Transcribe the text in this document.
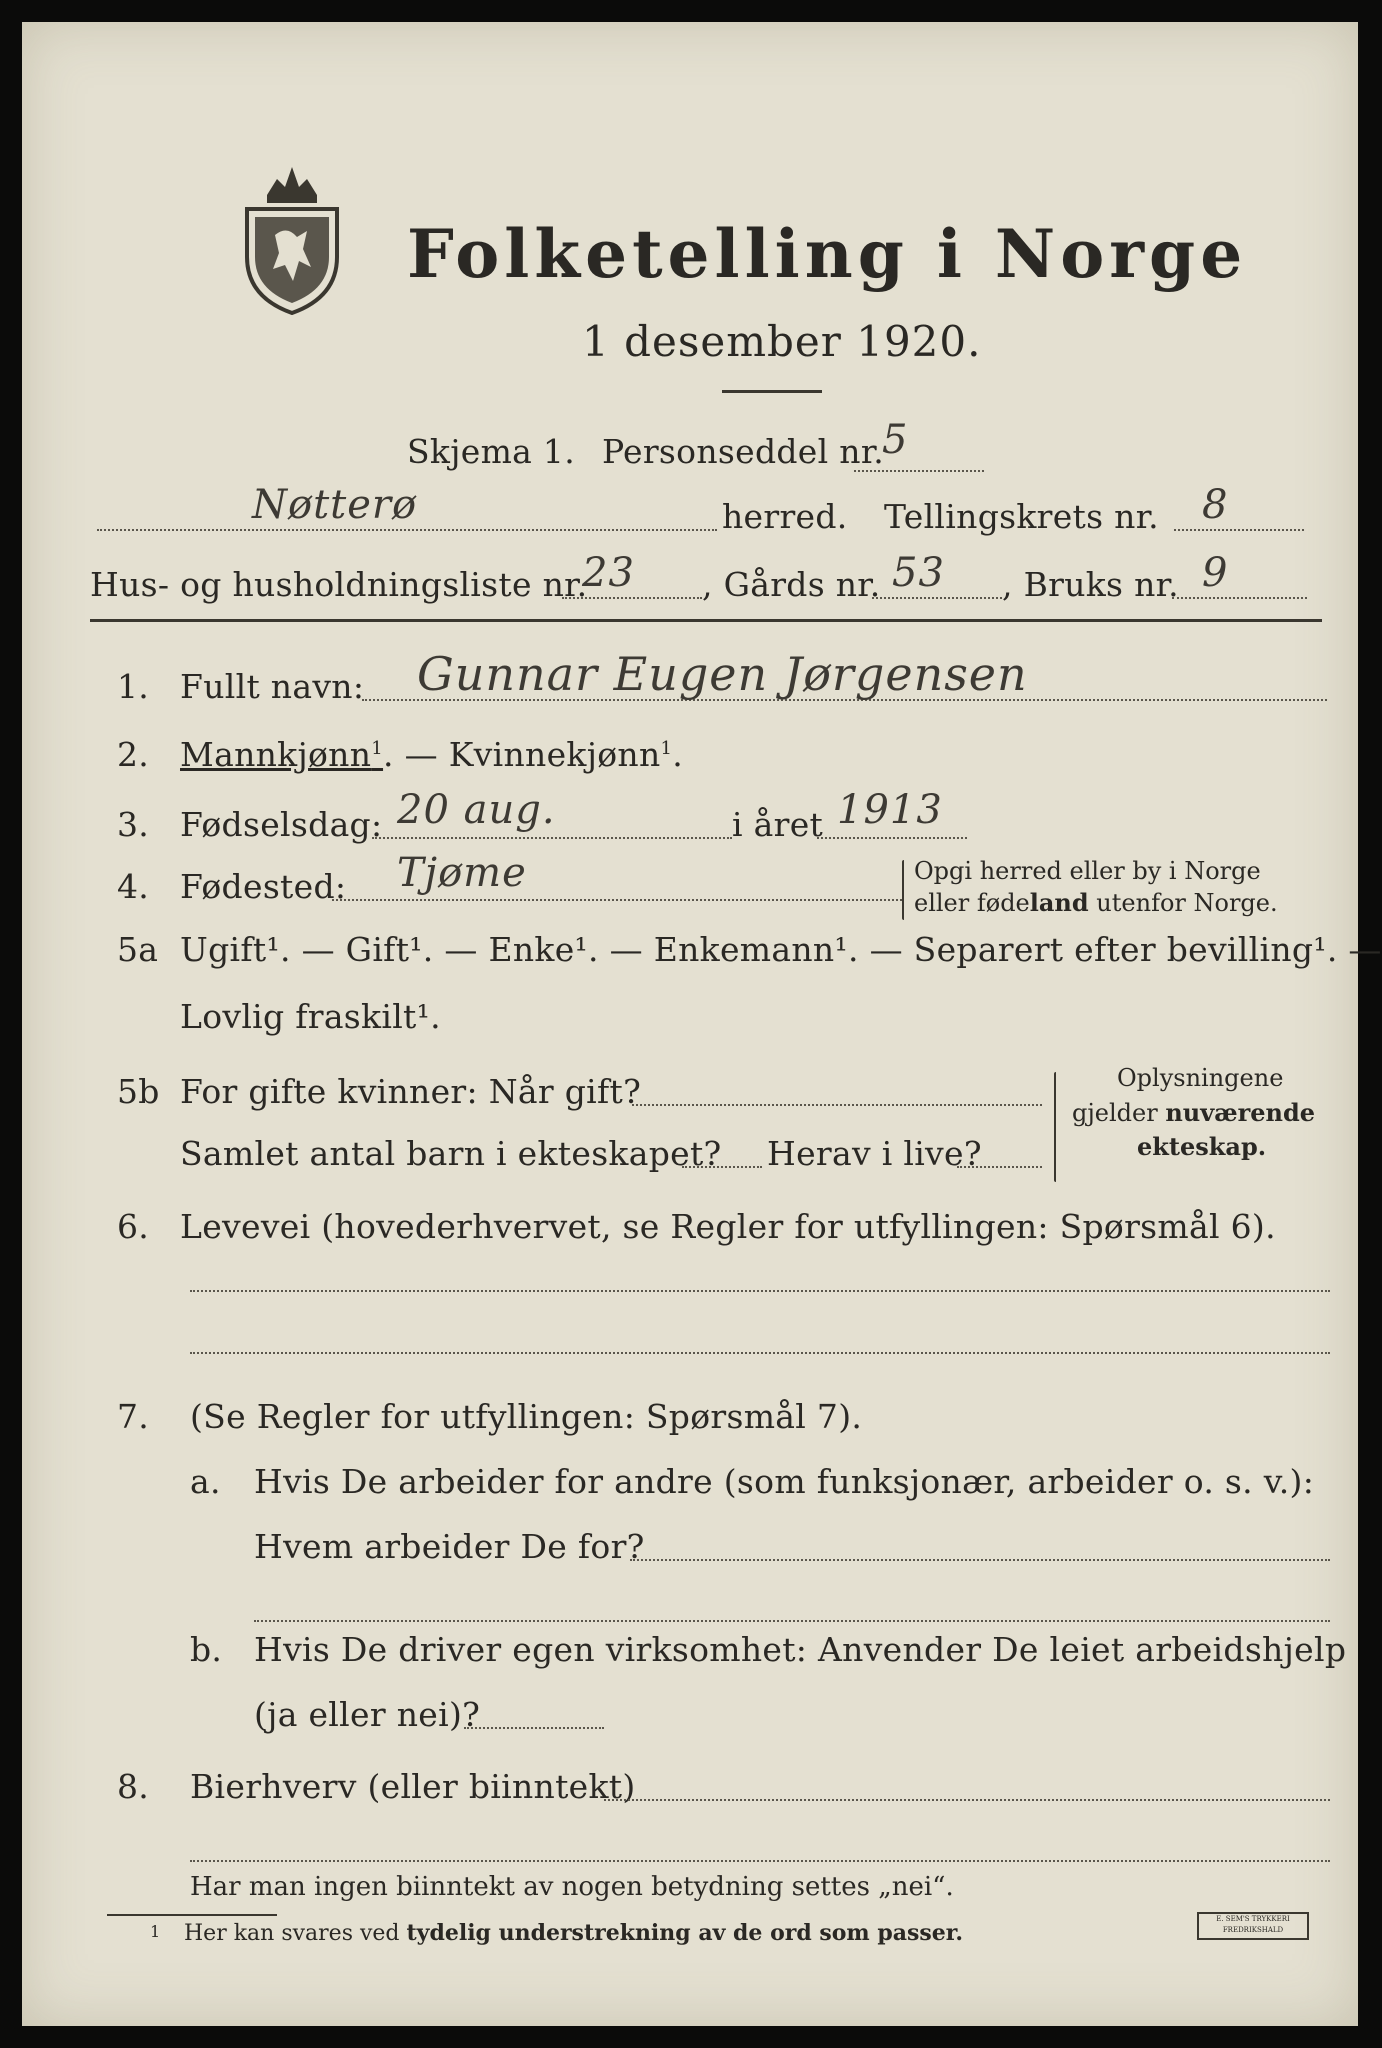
Folketelling i Norge
1 desember 1920.
Skjema 1. Personseddel nr.
5
Nøtterø	herred. Tellingskrets nr. 8
Hus- og husholdningsliste nr.
23 , Gårds nr. 53 , Bruks nr. 9
1. Fullt navn: Gunnar Eugen Jørgensen
2. Mannkjønn$^1$. — Kvinnekjønn$^1$.
3. Fødselsdag: 20 aug.	i året 1913
4. Fødested: Tjøme	Opgi herred eller by i Norge
eller fødeland utenfor Norge.
5a Ugift¹. — Gift¹. — Enke¹. — Enkemann¹. — Separert efter bevilling¹. —
Lovlig fraskilt¹.
5b For gifte kvinner: Når gift?
Samlet antal barn i ekteskapet? Herav i live?
Oplysningene
gjelder nuværende
ekteskap.
6. Levevei (hovederhvervet, se Regler for utfyllingen: Spørsmål 6).
7. (Se Regler for utfyllingen: Spørsmål 7).
a. Hvis De arbeider for andre (som funksjonær, arbeider o. s. v.):
Hvem arbeider De for?
b. Hvis De driver egen virksomhet: Anvender De leiet arbeidshjelp
(ja eller nei)?
8. Bierhverv (eller biinntekt)
Har man ingen biinntekt av nogen betydning settes „nei“.
1 Her kan svares ved tydelig understrekning av de ord som passer.
E. SEM'S TRYKKERI FREDRIKSHALD
